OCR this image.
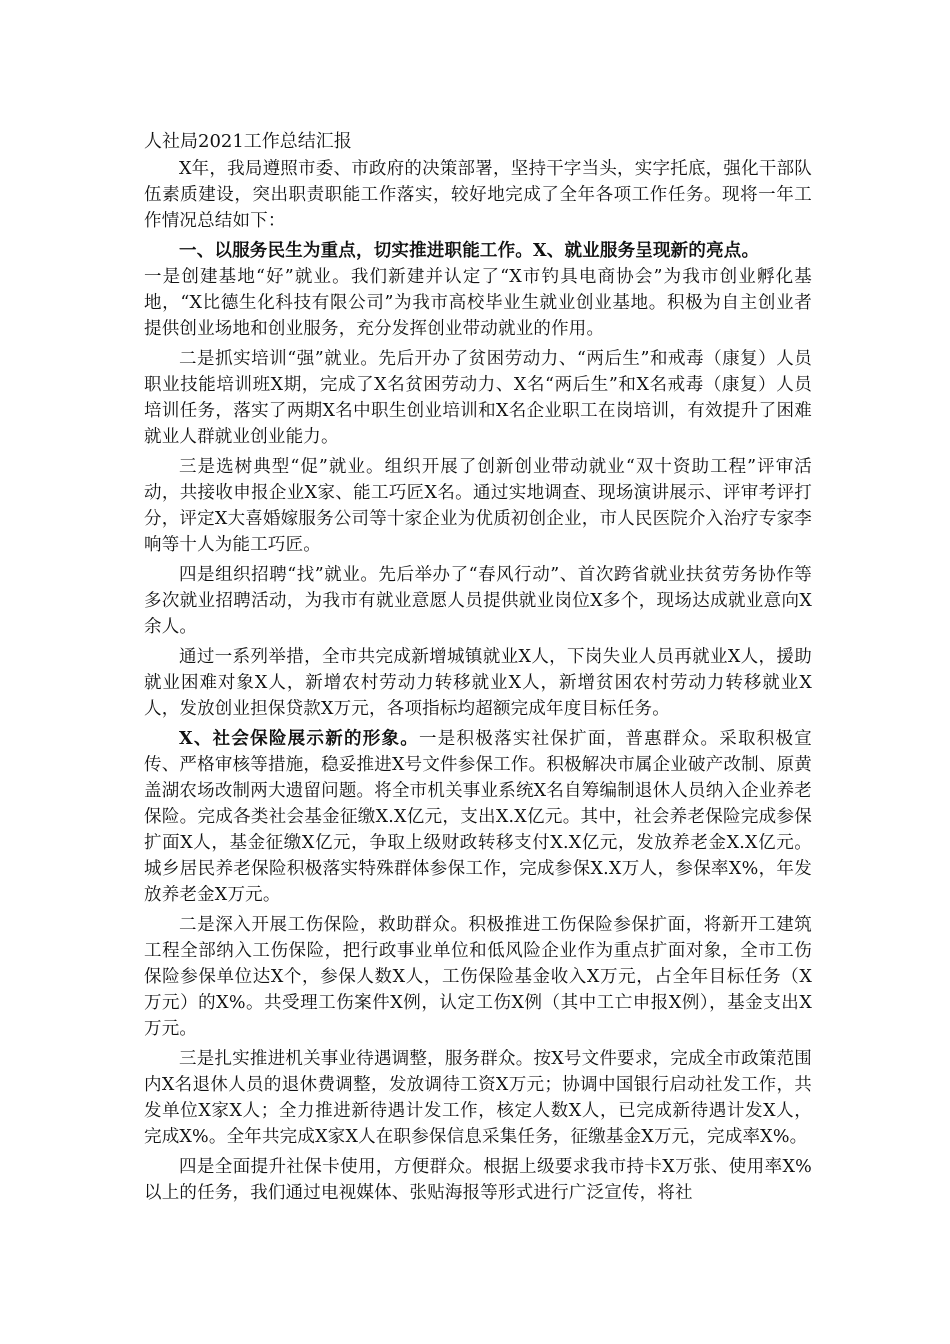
人社局2021工作总结汇报

X年，我局遵照市委、市政府的决策部署，坚持干字当头，实字托底，强化干部队伍素质建设，突出职责职能工作落实，较好地完成了全年各项工作任务。现将一年工作情况总结如下：

一、以服务民生为重点，切实推进职能工作。X、就业服务呈现新的亮点。

一是创建基地“好”就业。我们新建并认定了“X市钓具电商协会”为我市创业孵化基地，“X比德生化科技有限公司”为我市高校毕业生就业创业基地。积极为自主创业者提供创业场地和创业服务，充分发挥创业带动就业的作用。

二是抓实培训“强”就业。先后开办了贫困劳动力、“两后生”和戒毒（康复）人员职业技能培训班X期，完成了X名贫困劳动力、X名“两后生”和X名戒毒（康复）人员培训任务，落实了两期X名中职生创业培训和X名企业职工在岗培训，有效提升了困难就业人群就业创业能力。

三是选树典型“促”就业。组织开展了创新创业带动就业“双十资助工程”评审活动，共接收申报企业X家、能工巧匠X名。通过实地调查、现场演讲展示、评审考评打分，评定X大喜婚嫁服务公司等十家企业为优质初创企业，市人民医院介入治疗专家李响等十人为能工巧匠。

四是组织招聘“找”就业。先后举办了“春风行动”、首次跨省就业扶贫劳务协作等多次就业招聘活动，为我市有就业意愿人员提供就业岗位X多个，现场达成就业意向X余人。

通过一系列举措，全市共完成新增城镇就业X人，下岗失业人员再就业X人，援助就业困难对象X人，新增农村劳动力转移就业X人，新增贫困农村劳动力转移就业X人，发放创业担保贷款X万元，各项指标均超额完成年度目标任务。

X、社会保险展示新的形象。一是积极落实社保扩面，普惠群众。采取积极宣传、严格审核等措施，稳妥推进X号文件参保工作。积极解决市属企业破产改制、原黄盖湖农场改制两大遗留问题。将全市机关事业系统X名自筹编制退休人员纳入企业养老保险。完成各类社会基金征缴X.X亿元，支出X.X亿元。其中，社会养老保险完成参保扩面X人，基金征缴X亿元，争取上级财政转移支付X.X亿元，发放养老金X.X亿元。城乡居民养老保险积极落实特殊群体参保工作，完成参保X.X万人，参保率X%，年发放养老金X万元。

二是深入开展工伤保险，救助群众。积极推进工伤保险参保扩面，将新开工建筑工程全部纳入工伤保险，把行政事业单位和低风险企业作为重点扩面对象，全市工伤保险参保单位达X个，参保人数X人，工伤保险基金收入X万元，占全年目标任务（X万元）的X%。共受理工伤案件X例，认定工伤X例（其中工亡申报X例），基金支出X万元。

三是扎实推进机关事业待遇调整，服务群众。按X号文件要求，完成全市政策范围内X名退休人员的退休费调整，发放调待工资X万元；协调中国银行启动社发工作，共发单位X家X人；全力推进新待遇计发工作，核定人数X人，已完成新待遇计发X人，完成X%。全年共完成X家X人在职参保信息采集任务，征缴基金X万元，完成率X%。

四是全面提升社保卡使用，方便群众。根据上级要求我市持卡X万张、使用率X%以上的任务，我们通过电视媒体、张贴海报等形式进行广泛宣传，将社
